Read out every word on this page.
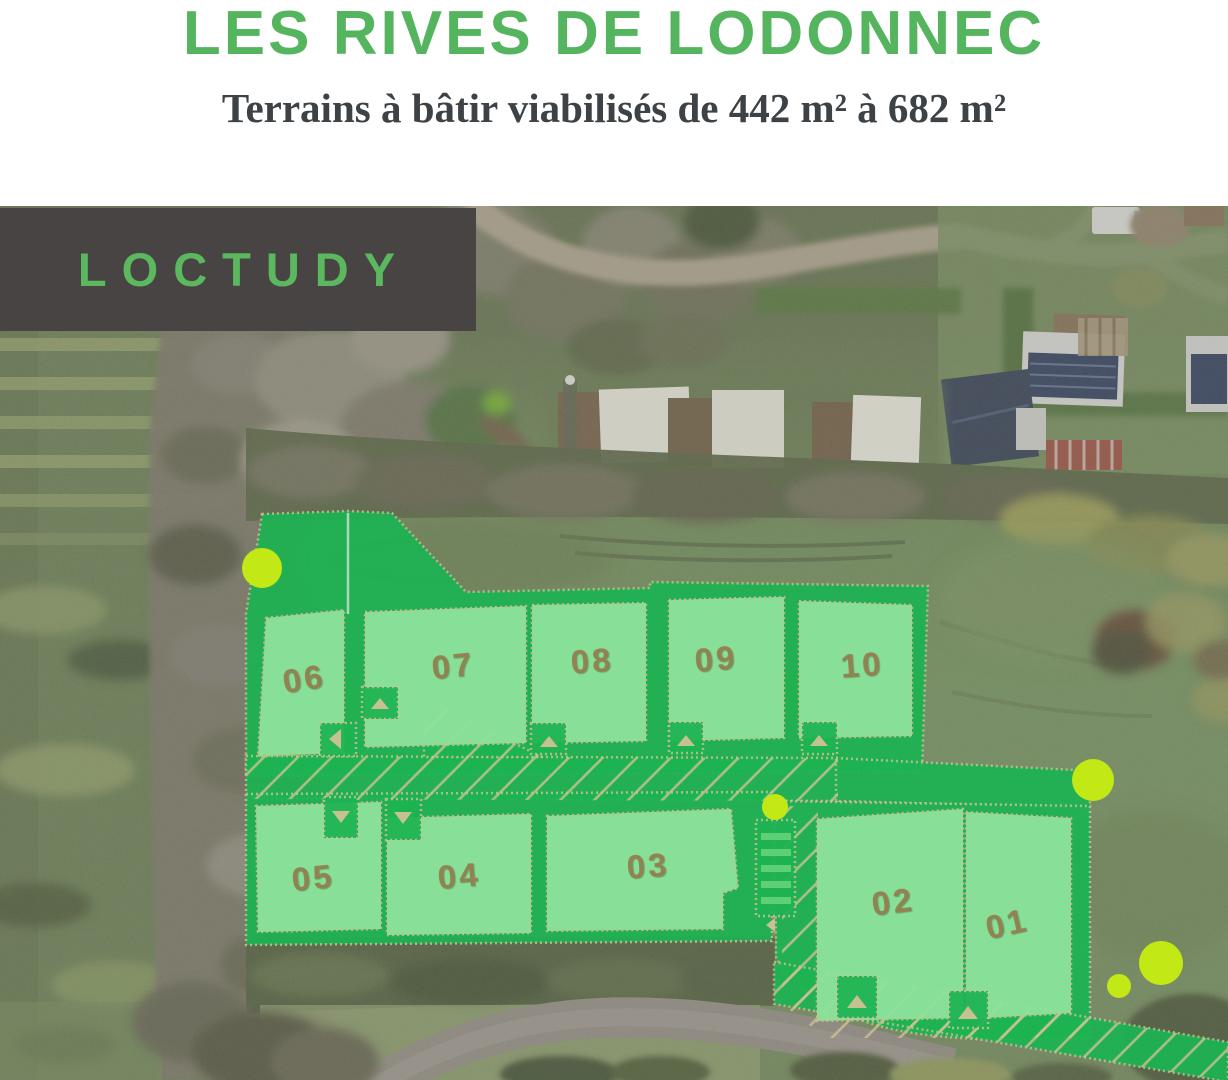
LES RIVES DE LODONNEC
Terrains à bâtir viabilisés de 442 m² à 682 m²
LOCTUDY
01
02
03
04
05
06	07	08 09	10
